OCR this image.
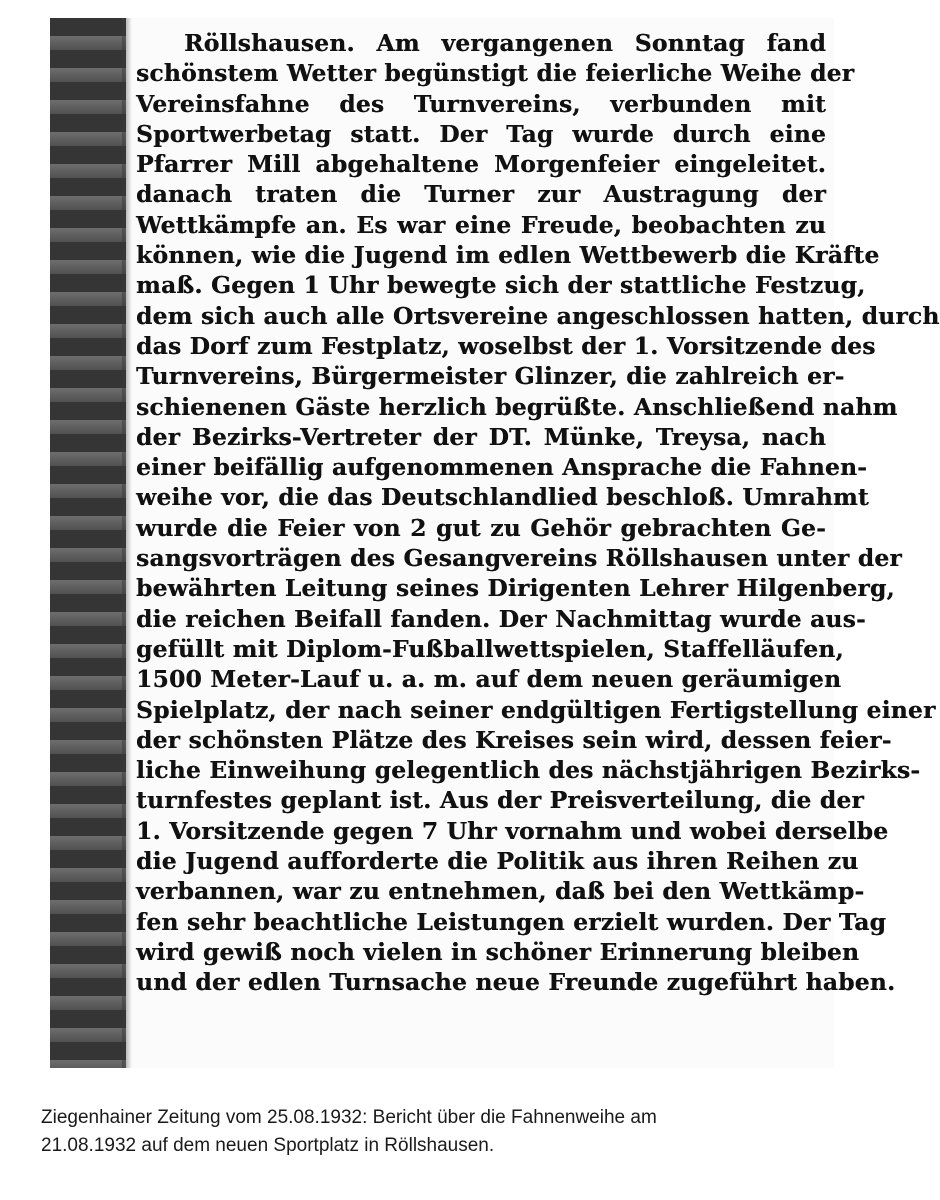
Röllshausen. Am vergangenen Sonntag fand
schönstem Wetter begünstigt die feierliche Weihe der
Vereinsfahne des Turnvereins, verbunden mit
Sportwerbetag statt. Der Tag wurde durch eine
Pfarrer Mill abgehaltene Morgenfeier eingeleitet.
danach traten die Turner zur Austragung der
Wettkämpfe an. Es war eine Freude, beobachten zu
können, wie die Jugend im edlen Wettbewerb die Kräfte
maß. Gegen 1 Uhr bewegte sich der stattliche Festzug,
dem sich auch alle Ortsvereine angeschlossen hatten, durch
das Dorf zum Festplatz, woselbst der 1. Vorsitzende des
Turnvereins, Bürgermeister Glinzer, die zahlreich er-
schienenen Gäste herzlich begrüßte. Anschließend nahm
der Bezirks-Vertreter der DT. Münke, Treysa, nach
einer beifällig aufgenommenen Ansprache die Fahnen-
weihe vor, die das Deutschlandlied beschloß. Umrahmt
wurde die Feier von 2 gut zu Gehör gebrachten Ge-
sangsvorträgen des Gesangvereins Röllshausen unter der
bewährten Leitung seines Dirigenten Lehrer Hilgenberg,
die reichen Beifall fanden. Der Nachmittag wurde aus-
gefüllt mit Diplom-Fußballwettspielen, Staffelläufen,
1500 Meter-Lauf u. a. m. auf dem neuen geräumigen
Spielplatz, der nach seiner endgültigen Fertigstellung einer
der schönsten Plätze des Kreises sein wird, dessen feier-
liche Einweihung gelegentlich des nächstjährigen Bezirks-
turnfestes geplant ist. Aus der Preisverteilung, die der
1. Vorsitzende gegen 7 Uhr vornahm und wobei derselbe
die Jugend aufforderte die Politik aus ihren Reihen zu
verbannen, war zu entnehmen, daß bei den Wettkämp-
fen sehr beachtliche Leistungen erzielt wurden. Der Tag
wird gewiß noch vielen in schöner Erinnerung bleiben
und der edlen Turnsache neue Freunde zugeführt haben.
Ziegenhainer Zeitung vom 25.08.1932: Bericht über die Fahnenweihe am
21.08.1932 auf dem neuen Sportplatz in Röllshausen.
